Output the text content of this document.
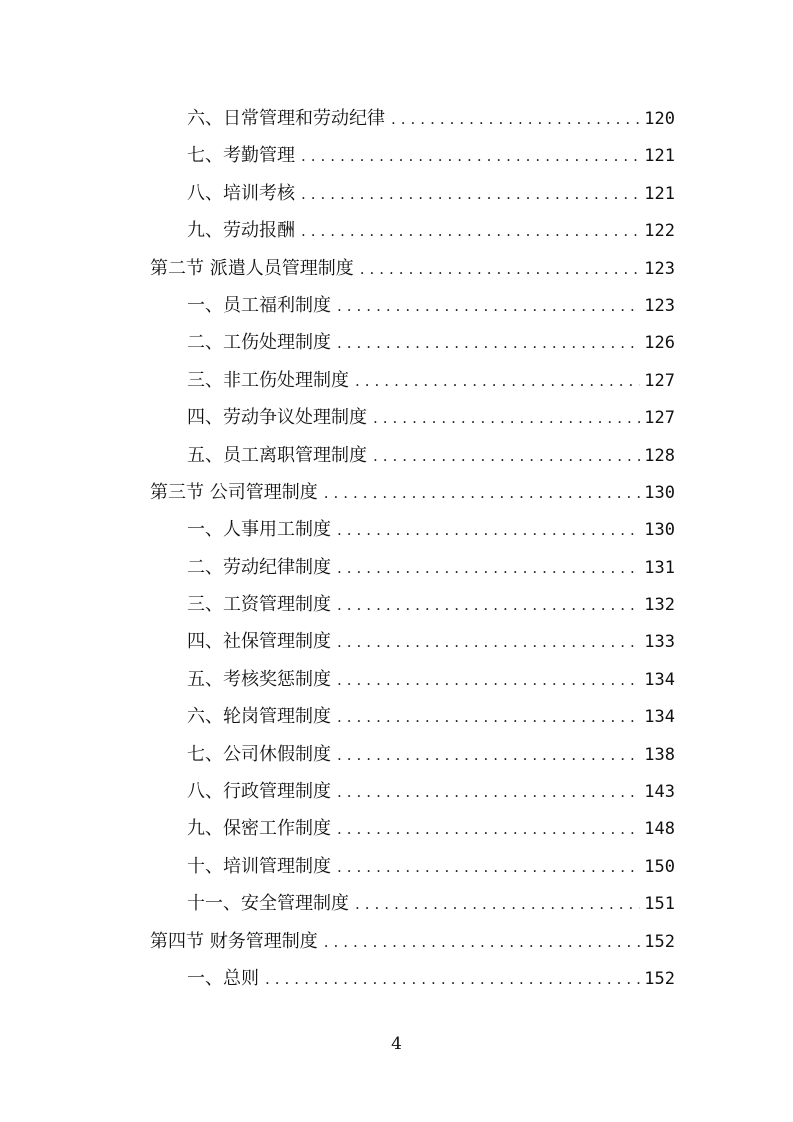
六、日常管理和劳动纪律 .....	120
七、考勤管理 .....	121
八、培训考核 .....	121
九、劳动报酬 .....	122
第二节 派遣人员管理制度 .....	123
一、员工福利制度 .....	123
二、工伤处理制度 .....	126
三、非工伤处理制度 .....	127
四、劳动争议处理制度 .....	127
五、员工离职管理制度 .....	128
第三节 公司管理制度 .....	130
一、人事用工制度 .....	130
二、劳动纪律制度 .....	131
三、工资管理制度 .....	132
四、社保管理制度 .....	133
五、考核奖惩制度 .....	134
六、轮岗管理制度 .....	134
七、公司休假制度 .....	138
八、行政管理制度 .....	143
九、保密工作制度 .....	148
十、培训管理制度 .....	150
十一、安全管理制度 .....	151
第四节 财务管理制度 .....	152
一、总则 .....	152
4
